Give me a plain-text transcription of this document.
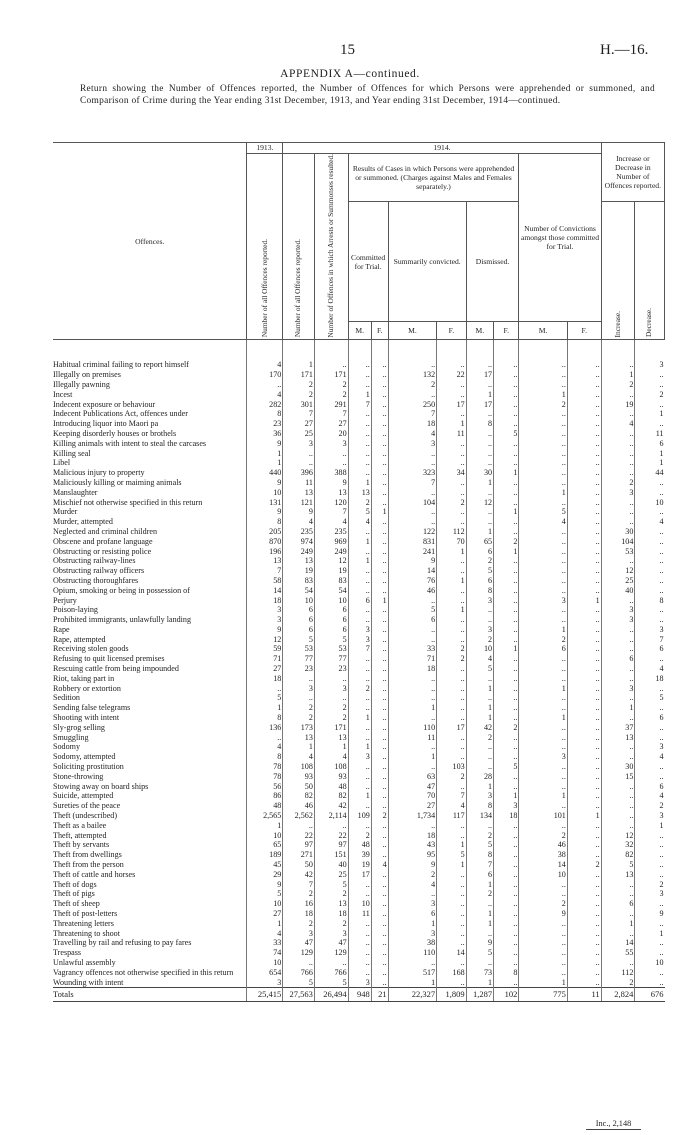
15	H.—16.
APPENDIX A—continued.
Return showing the Number of Offences reported, the Number of Offences for which Persons were apprehended or summoned, and Comparison of Crime during the Year ending 31st December, 1913, and Year ending 31st December, 1914—continued.
Offences.	1913.	1914.										Increase or Decrease in Number of Offences reported.	
	Number of all Offences reported.	Number of all Offences reported.	Number of Offences in which Arrests or Summonses resulted.	Results of Cases in which Persons were apprehended or summoned. (Charges against Males and Females separately.)						Number of Convictions amongst those committed for Trial.			
				Committed for Trial.		Summarily convicted.		Dismissed.				Increase.	Decrease.
				M.	F.	M.	F.	M.	F.	M.	F.		

Habitual criminal failing to report himself	4	1	..	..	..	..	..	..	..	..	..	..	3
Illegally on premises	170	171	171	..	..	132	22	17	..	..	..	1	..
Illegally pawning	..	2	2	..	..	2	..	..	..	..	..	2	..
Incest	4	2	2	1	..	..	..	1	..	1	..	..	2
Indecent exposure or behaviour	282	301	291	7	..	250	17	17	..	2	..	19	..
Indecent Publications Act, offences under	8	7	7	..	..	7	..	..	..	..	..	..	1
Introducing liquor into Maori pa	23	27	27	..	..	18	1	8	..	..	..	4	..
Keeping disorderly houses or brothels	36	25	20	..	..	4	11	..	5	..	..	..	11
Killing animals with intent to steal the carcases	9	3	3	..	..	3	..	..	..	..	..	..	6
Killing seal	1	..	..	..	..	..	..	..	..	..	..	..	1
Libel	1	..	..	..	..	..	..	..	..	..	..	..	1
Malicious injury to property	440	396	388	..	..	323	34	30	1	..	..	..	44
Maliciously killing or maiming animals	9	11	9	1	..	7	..	1	..	..	..	2	..
Manslaughter	10	13	13	13	..	..	..	..	..	1	..	3	..
Mischief not otherwise specified in this return	131	121	120	2	..	104	2	12	..	..	..	..	10
Murder	9	9	7	5	1	..	..	..	1	5	..	..	..
Murder, attempted	8	4	4	4	..	..	..	..	..	4	..	..	4
Neglected and criminal children	205	235	235	..	..	122	112	1	..	..	..	30	..
Obscene and profane language	870	974	969	1	..	831	70	65	2	..	..	104	..
Obstructing or resisting police	196	249	249	..	..	241	1	6	1	..	..	53	..
Obstructing railway-lines	13	13	12	1	..	9	..	2	..	..	..	..	..
Obstructing railway officers	7	19	19	..	..	14	..	5	..	..	..	12	..
Obstructing thoroughfares	58	83	83	..	..	76	1	6	..	..	..	25	..
Opium, smoking or being in possession of	14	54	54	..	..	46	..	8	..	..	..	40	..
Perjury	18	10	10	6	1	..	..	3	..	3	1	..	8
Poison-laying	3	6	6	..	..	5	1	..	..	..	..	3	..
Prohibited immigrants, unlawfully landing	3	6	6	..	..	6	..	..	..	..	..	3	..
Rape	9	6	6	3	..	..	..	3	..	1	..	..	3
Rape, attempted	12	5	5	3	..	..	..	2	..	2	..	..	7
Receiving stolen goods	59	53	53	7	..	33	2	10	1	6	..	..	6
Refusing to quit licensed premises	71	77	77	..	..	71	2	4	..	..	..	6	..
Rescuing cattle from being impounded	27	23	23	..	..	18	..	5	..	..	..	..	4
Riot, taking part in	18	..	..	..	..	..	..	..	..	..	..	..	18
Robbery or extortion	..	3	3	2	..	..	..	1	..	1	..	3	..
Sedition	5	..	..	..	..	..	..	..	..	..	..	..	5
Sending false telegrams	1	2	2	..	..	1	..	1	..	..	..	1	..
Shooting with intent	8	2	2	1	..	..	..	1	..	1	..	..	6
Sly-grog selling	136	173	171	..	..	110	17	42	2	..	..	37	..
Smuggling	..	13	13	..	..	11	..	2	..	..	..	13	..
Sodomy	4	1	1	1	..	..	..	..	..	..	..	..	3
Sodomy, attempted	8	4	4	3	..	1	..	..	..	3	..	..	4
Soliciting prostitution	78	108	108	..	..	..	103	..	5	..	..	30	..
Stone-throwing	78	93	93	..	..	63	2	28	..	..	..	15	..
Stowing away on board ships	56	50	48	..	..	47	..	1	..	..	..	..	6
Suicide, attempted	86	82	82	1	..	70	7	3	1	1	..	..	4
Sureties of the peace	48	46	42	..	..	27	4	8	3	..	..	..	2
Theft (undescribed)	2,565	2,562	2,114	109	2	1,734	117	134	18	101	1	..	3
Theft as a bailee	1	..	..	..	..	..	..	..	..	..	..	..	1
Theft, attempted	10	22	22	2	..	18	..	2	..	2	..	12	..
Theft by servants	65	97	97	48	..	43	1	5	..	46	..	32	..
Theft from dwellings	189	271	151	39	..	95	5	8	..	38	..	82	..
Theft from the person	45	50	40	19	4	9	1	7	..	14	2	5	..
Theft of cattle and horses	29	42	25	17	..	2	..	6	..	10	..	13	..
Theft of dogs	9	7	5	..	..	4	..	1	..	..	..	..	2
Theft of pigs	5	2	2	..	..	..	..	2	..	..	..	..	3
Theft of sheep	10	16	13	10	..	3	..	..	..	2	..	6	..
Theft of post-letters	27	18	18	11	..	6	..	1	..	9	..	..	9
Threatening letters	1	2	2	..	..	1	..	1	..	..	..	1	..
Threatening to shoot	4	3	3	..	..	3	..	..	..	..	..	..	1
Travelling by rail and refusing to pay fares	33	47	47	..	..	38	..	9	..	..	..	14	..
Trespass	74	129	129	..	..	110	14	5	..	..	..	55	..
Unlawful assembly	10	..	..	..	..	..	..	..	..	..	..	..	10
Vagrancy offences not otherwise specified in this return	654	766	766	..	..	517	168	73	8	..	..	112	..
Wounding with intent	3	5	5	3	..	1	..	1	..	1	..	2	..
Totals	25,415	27,563	26,494	948	21	22,327	1,809	1,287	102	775	11	2,824	676
Inc., 2,148
